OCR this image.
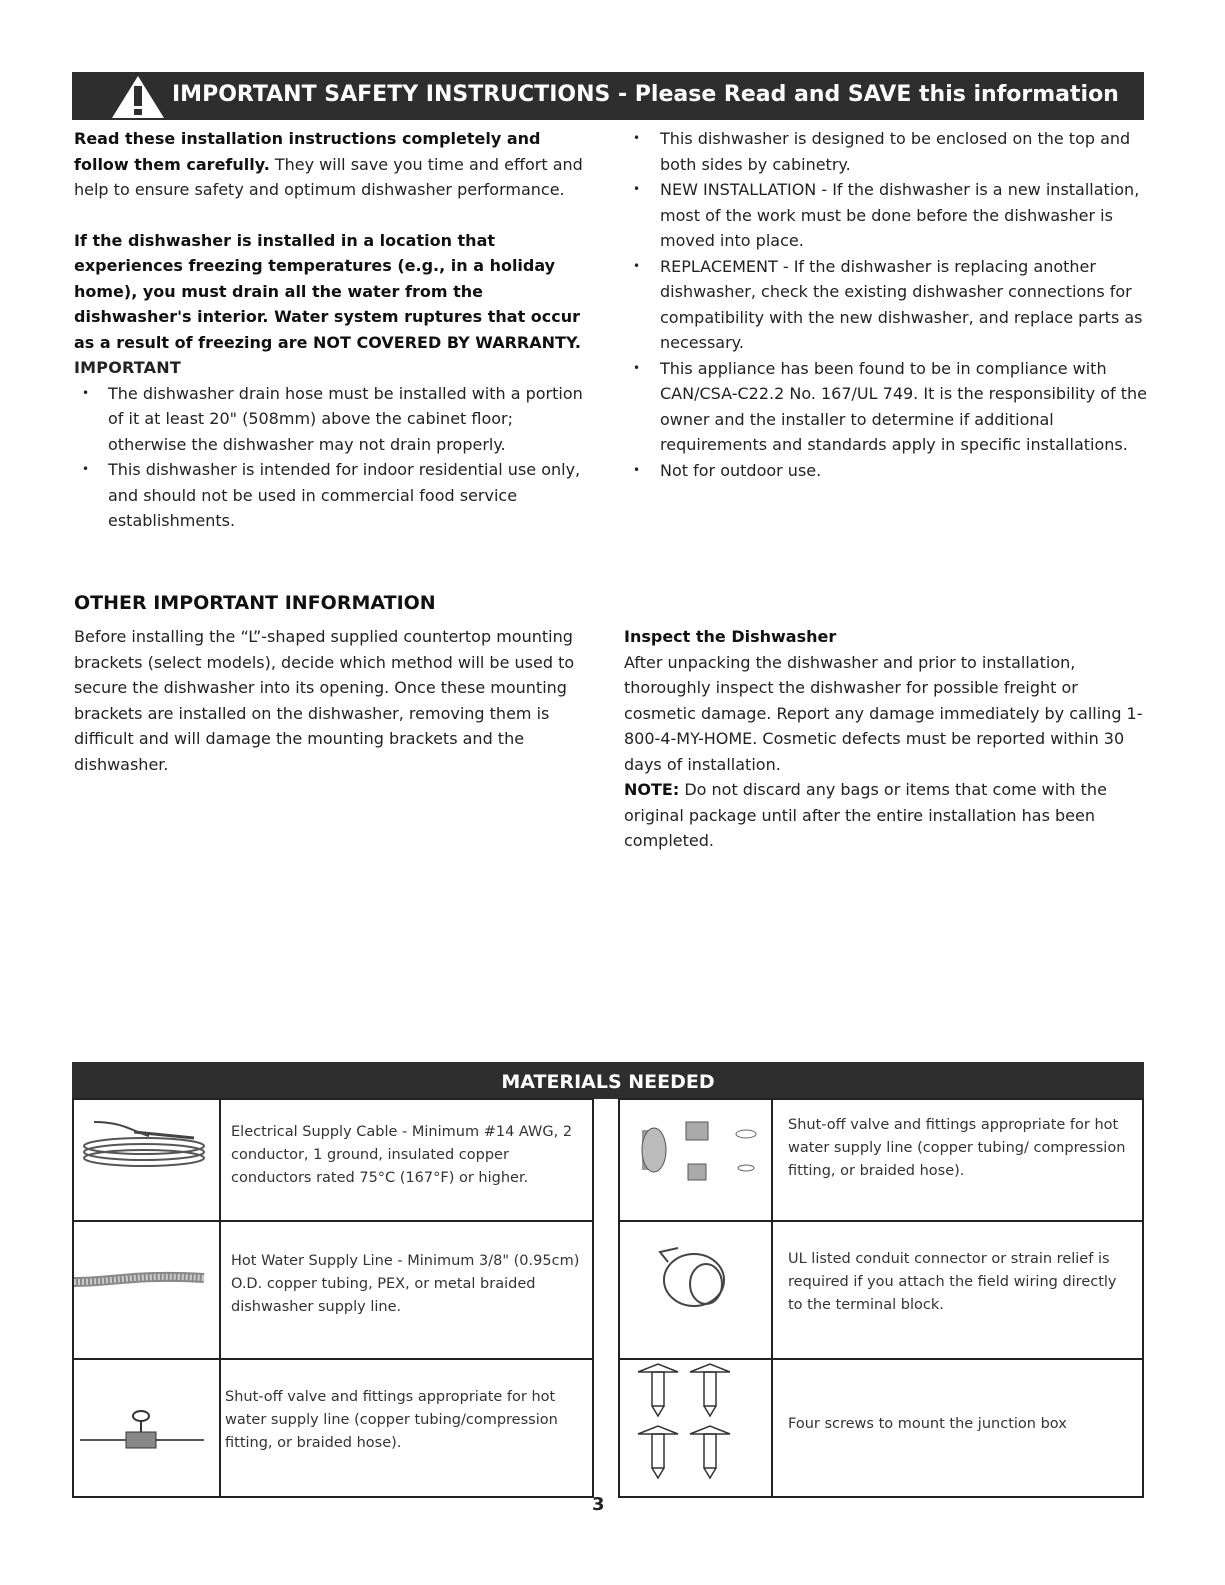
IMPORTANT SAFETY INSTRUCTIONS - Please Read and SAVE this information

Read these installation instructions completely and follow them carefully. They will save you time and effort and help to ensure safety and optimum dishwasher performance.

If the dishwasher is installed in a location that experiences freezing temperatures (e.g., in a holiday home), you must drain all the water from the dishwasher's interior. Water system ruptures that occur as a result of freezing are NOT COVERED BY WARRANTY.

IMPORTANT

• The dishwasher drain hose must be installed with a portion of it at least 20" (508mm) above the cabinet floor; otherwise the dishwasher may not drain properly.
• This dishwasher is intended for indoor residential use only, and should not be used in commercial food service establishments.
• This dishwasher is designed to be enclosed on the top and both sides by cabinetry.
• NEW INSTALLATION - If the dishwasher is a new installation, most of the work must be done before the dishwasher is moved into place.
• REPLACEMENT - If the dishwasher is replacing another dishwasher, check the existing dishwasher connections for compatibility with the new dishwasher, and replace parts as necessary.
• This appliance has been found to be in compliance with CAN/CSA-C22.2 No. 167/UL 749. It is the responsibility of the owner and the installer to determine if additional requirements and standards apply in specific installations.
• Not for outdoor use.
OTHER IMPORTANT INFORMATION

Before installing the “L”-shaped supplied countertop mounting brackets (select models), decide which method will be used to secure the dishwasher into its opening. Once these mounting brackets are installed on the dishwasher, removing them is difficult and will damage the mounting brackets and the dishwasher.

Inspect the Dishwasher

After unpacking the dishwasher and prior to installation, thoroughly inspect the dishwasher for possible freight or cosmetic damage. Report any damage immediately by calling 1-800-4-MY-HOME. Cosmetic defects must be reported within 30 days of installation.

NOTE: Do not discard any bags or items that come with the original package until after the entire installation has been completed.

MATERIALS NEEDED

Electrical Supply Cable - Minimum #14 AWG, 2 conductor, 1 ground, insulated copper conductors rated 75°C (167°F) or higher.

Hot Water Supply Line - Minimum 3/8" (0.95cm) O.D. copper tubing, PEX, or metal braided dishwasher supply line.

Shut-off valve and fittings appropriate for hot water supply line (copper tubing/compression fitting, or braided hose).

Shut-off valve and fittings appropriate for hot water supply line (copper tubing/ compression fitting, or braided hose).

UL listed conduit connector or strain relief is required if you attach the field wiring directly to the terminal block.

Four screws to mount the junction box

3
